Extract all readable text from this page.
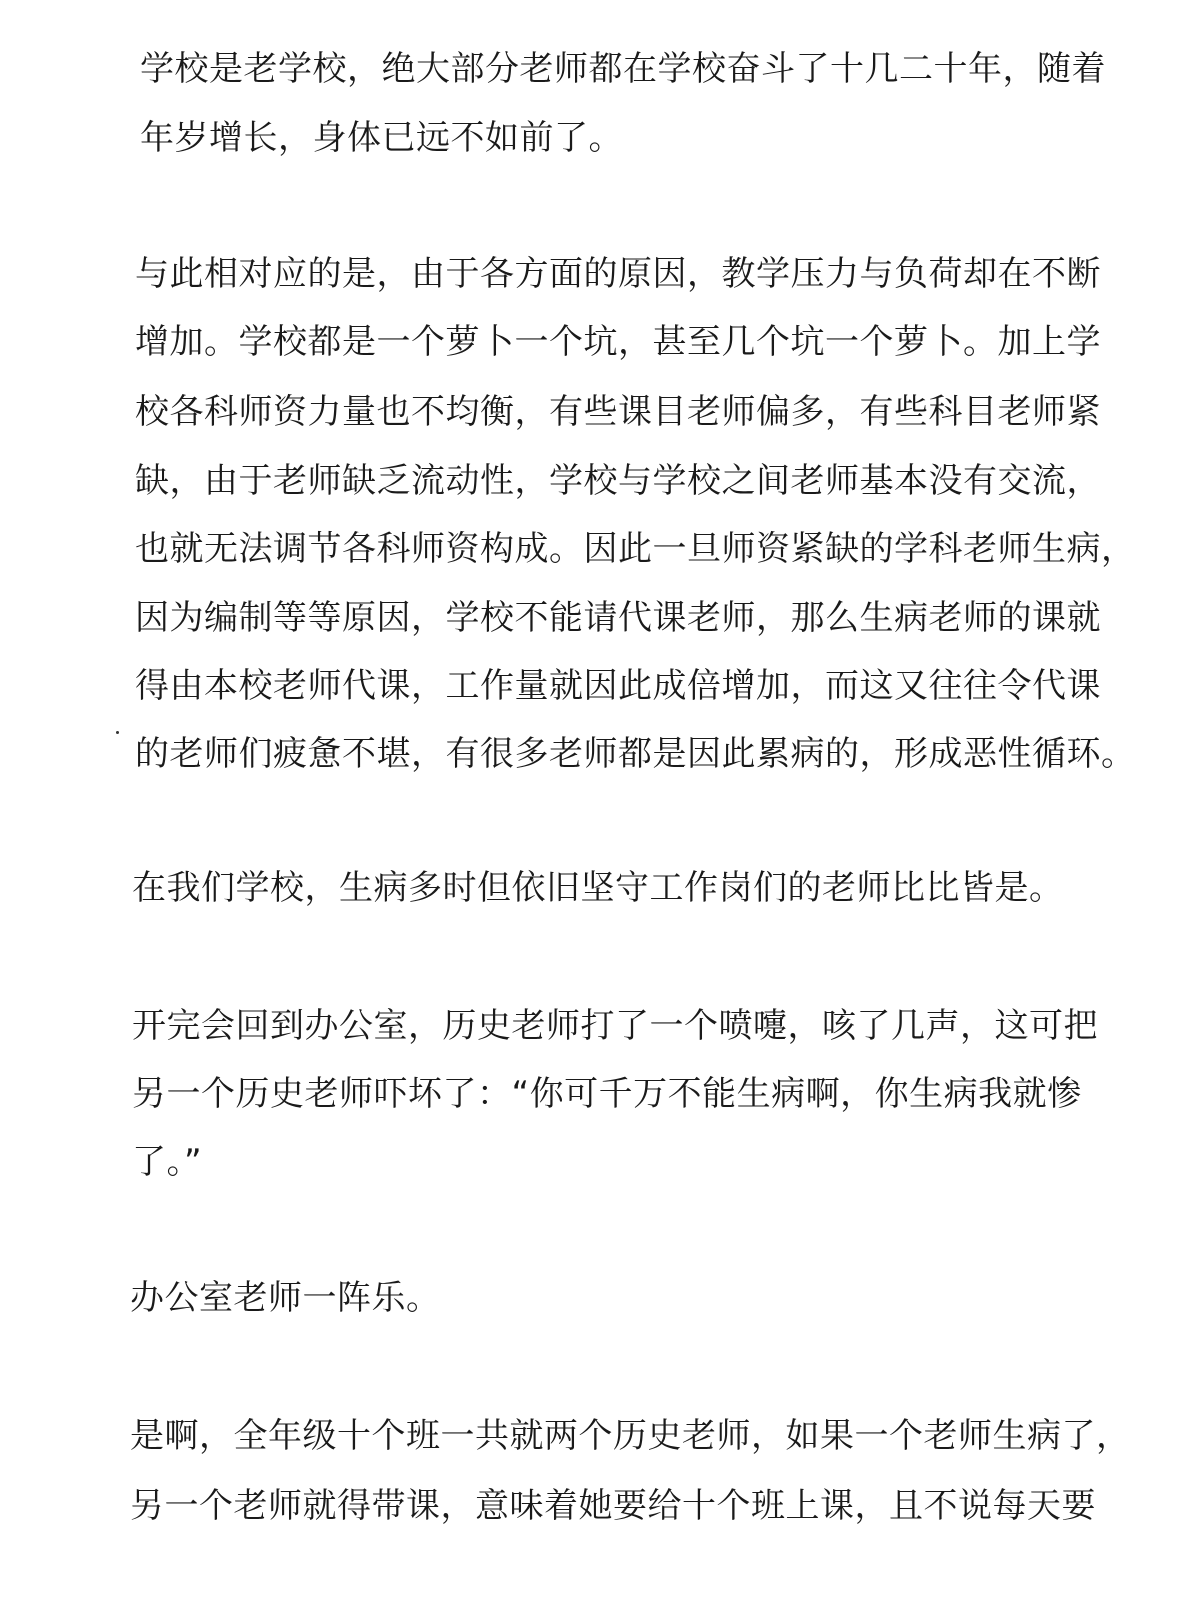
学校是老学校，绝大部分老师都在学校奋斗了十几二十年，随着
年岁增长，身体已远不如前了。
与此相对应的是，由于各方面的原因，教学压力与负荷却在不断
增加。学校都是一个萝卜一个坑，甚至几个坑一个萝卜。加上学
校各科师资力量也不均衡，有些课目老师偏多，有些科目老师紧
缺，由于老师缺乏流动性，学校与学校之间老师基本没有交流，
也就无法调节各科师资构成。因此一旦师资紧缺的学科老师生病，
因为编制等等原因，学校不能请代课老师，那么生病老师的课就
得由本校老师代课，工作量就因此成倍增加，而这又往往令代课
的老师们疲惫不堪，有很多老师都是因此累病的，形成恶性循环。
在我们学校，生病多时但依旧坚守工作岗们的老师比比皆是。
开完会回到办公室，历史老师打了一个喷嚏，咳了几声，这可把
另一个历史老师吓坏了：“你可千万不能生病啊，你生病我就惨
了。”
办公室老师一阵乐。
是啊，全年级十个班一共就两个历史老师，如果一个老师生病了，
另一个老师就得带课，意味着她要给十个班上课，且不说每天要
